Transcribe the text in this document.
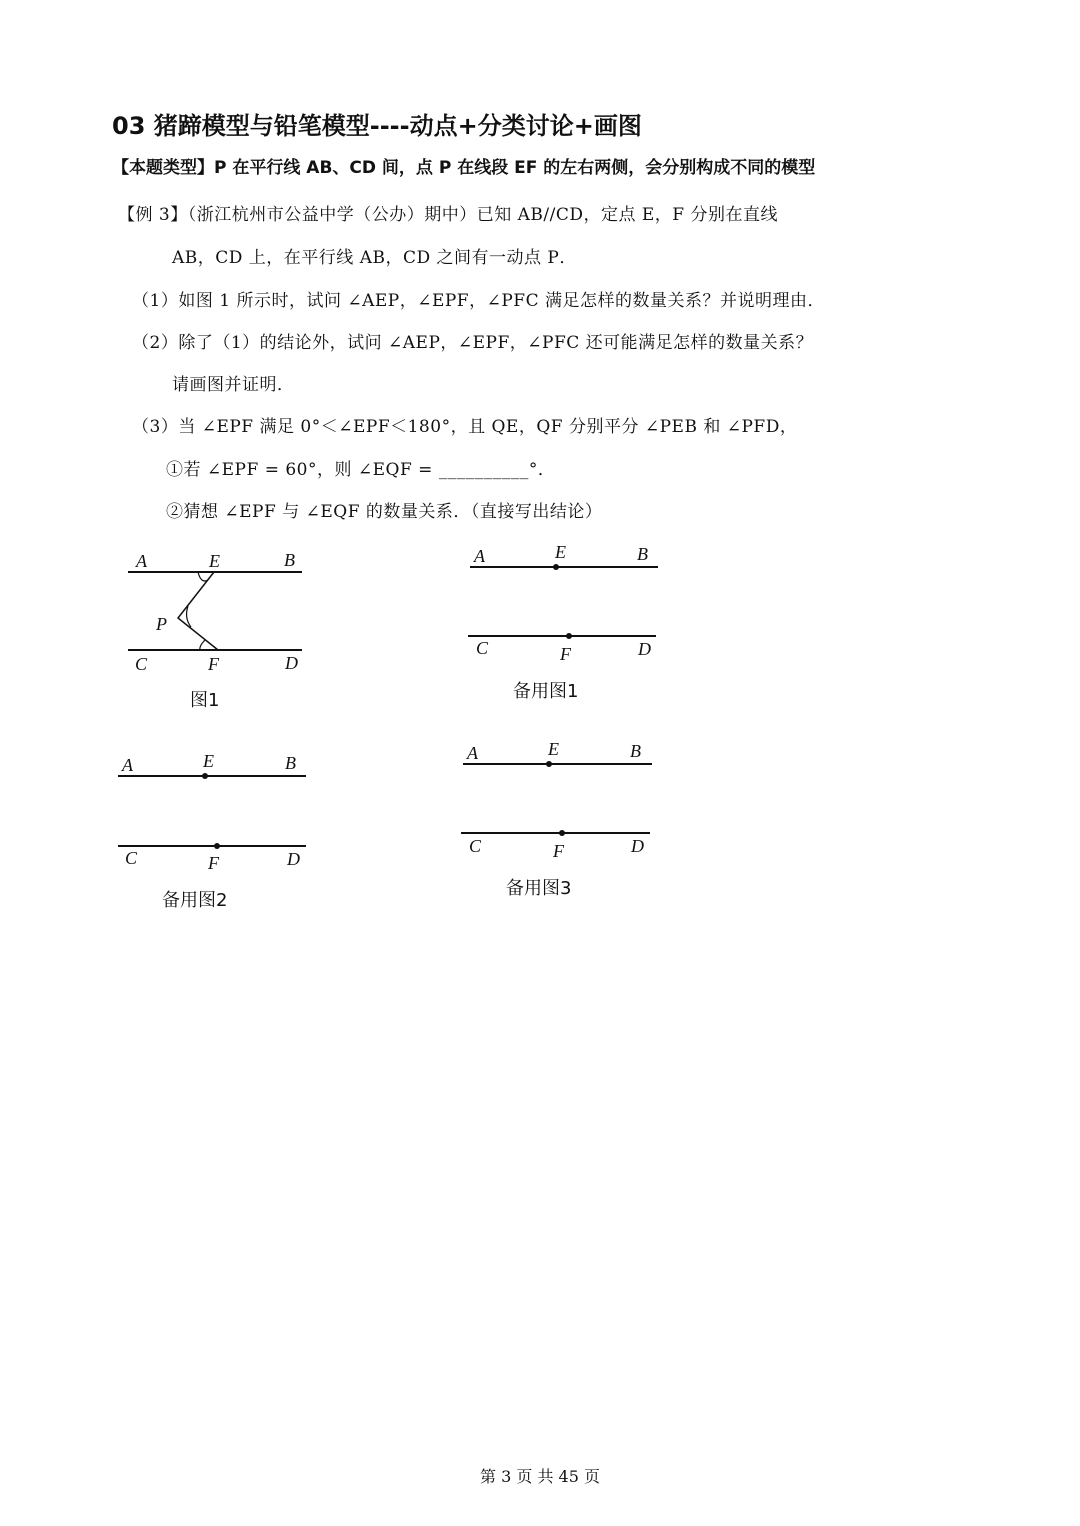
03 猪蹄模型与铅笔模型----动点+分类讨论+画图
【本题类型】P 在平行线 AB、CD 间，点 P 在线段 EF 的左右两侧，会分别构成不同的模型
【例 3】（浙江杭州市公益中学（公办）期中）已知 AB//CD，定点 E，F 分别在直线
AB，CD 上，在平行线 AB，CD 之间有一动点 P．
（1）如图 1 所示时，试问 ∠AEP，∠EPF，∠PFC 满足怎样的数量关系？并说明理由．
（2）除了（1）的结论外，试问 ∠AEP，∠EPF，∠PFC 还可能满足怎样的数量关系？
请画图并证明．
（3）当 ∠EPF 满足 0°＜∠EPF＜180°，且 QE，QF 分别平分 ∠PEB 和 ∠PFD，
①若 ∠EPF = 60°，则 ∠EQF = __________°．
②猜想 ∠EPF 与 ∠EQF 的数量关系．（直接写出结论）
A	E	B
P
C	F	D
图1
A	E	B
C	F	D
备用图1
A	E	B
C	F	D
备用图2
A	E	B
C	F	D
备用图3
第 3 页 共 45 页
